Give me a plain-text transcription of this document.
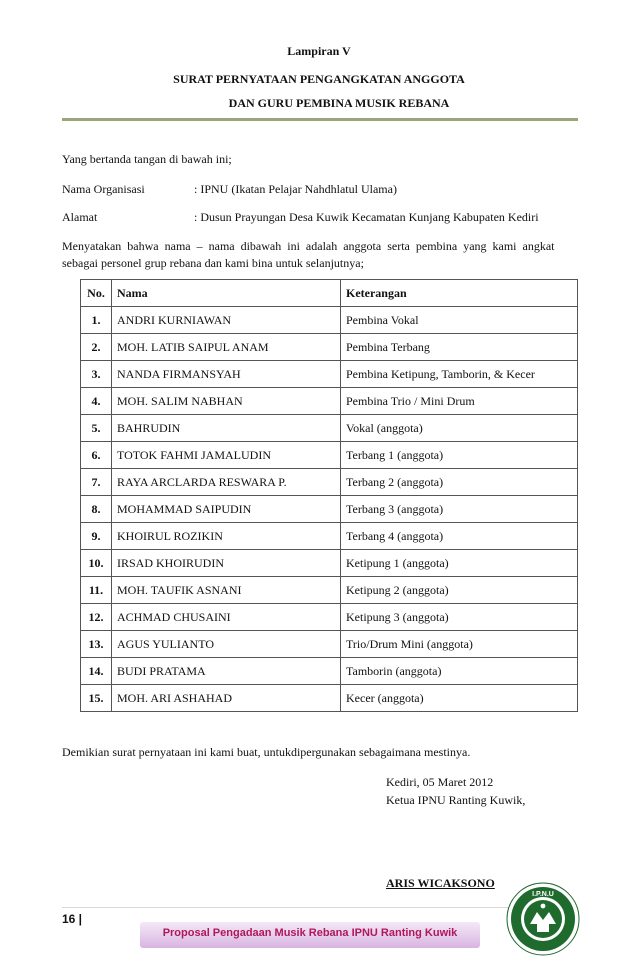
Lampiran V
SURAT PERNYATAAN PENGANGKATAN ANGGOTA
DAN GURU PEMBINA MUSIK REBANA
Yang bertanda tangan di bawah ini;
Nama Organisasi	: IPNU (Ikatan Pelajar Nahdhlatul Ulama)
Alamat	: Dusun Prayungan Desa Kuwik Kecamatan Kunjang Kabupaten Kediri
Menyatakan  bahwa  nama  –  nama  dibawah  ini  adalah  anggota  serta  pembina  yang  kami  angkat
sebagai personel grup rebana dan kami bina untuk selanjutnya;
No.	Nama	Keterangan
1.	ANDRI KURNIAWAN	Pembina Vokal
2.	MOH. LATIB SAIPUL ANAM	Pembina Terbang
3.	NANDA FIRMANSYAH	Pembina Ketipung, Tamborin, & Kecer
4.	MOH. SALIM NABHAN	Pembina Trio / Mini Drum
5.	BAHRUDIN	Vokal (anggota)
6.	TOTOK FAHMI JAMALUDIN	Terbang 1 (anggota)
7.	RAYA ARCLARDA RESWARA P.	Terbang 2 (anggota)
8.	MOHAMMAD SAIPUDIN	Terbang 3 (anggota)
9.	KHOIRUL ROZIKIN	Terbang 4 (anggota)
10.	IRSAD KHOIRUDIN	Ketipung 1 (anggota)
11.	MOH. TAUFIK ASNANI	Ketipung 2 (anggota)
12.	ACHMAD CHUSAINI	Ketipung 3 (anggota)
13.	AGUS YULIANTO	Trio/Drum Mini (anggota)
14.	BUDI PRATAMA	Tamborin (anggota)
15.	MOH. ARI ASHAHAD	Kecer (anggota)
Demikian surat pernyataan ini kami buat, untukdipergunakan sebagaimana mestinya.
Kediri, 05 Maret 2012
Ketua IPNU Ranting Kuwik,
ARIS WICAKSONO
16 |
Proposal Pengadaan Musik Rebana IPNU Ranting Kuwik
I.P.N.U
